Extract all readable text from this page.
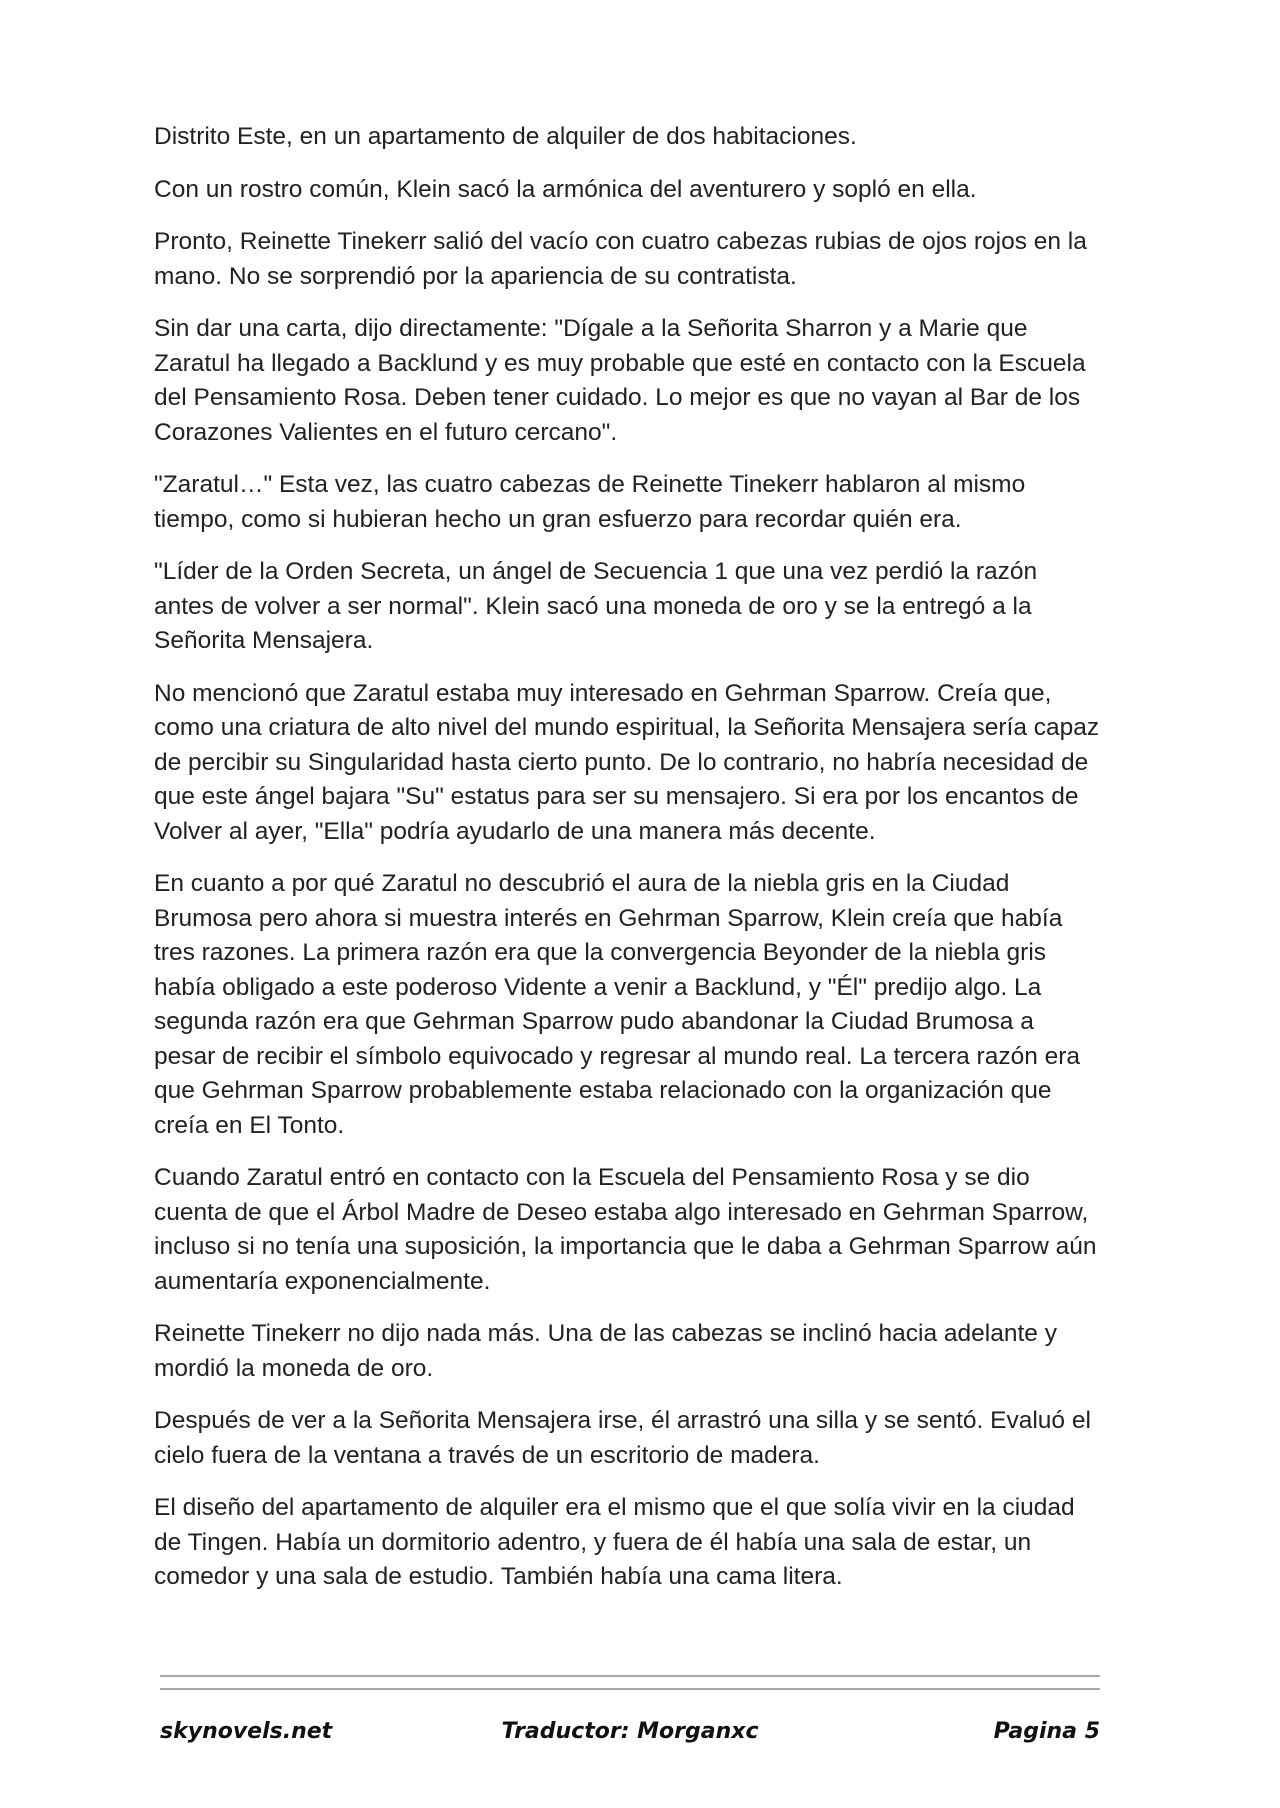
Distrito Este, en un apartamento de alquiler de dos habitaciones.

Con un rostro común, Klein sacó la armónica del aventurero y sopló en ella.

Pronto, Reinette Tinekerr salió del vacío con cuatro cabezas rubias de ojos rojos en la mano. No se sorprendió por la apariencia de su contratista.

Sin dar una carta, dijo directamente: "Dígale a la Señorita Sharron y a Marie que Zaratul ha llegado a Backlund y es muy probable que esté en contacto con la Escuela del Pensamiento Rosa. Deben tener cuidado. Lo mejor es que no vayan al Bar de los Corazones Valientes en el futuro cercano".

"Zaratul…" Esta vez, las cuatro cabezas de Reinette Tinekerr hablaron al mismo tiempo, como si hubieran hecho un gran esfuerzo para recordar quién era.

"Líder de la Orden Secreta, un ángel de Secuencia 1 que una vez perdió la razón antes de volver a ser normal". Klein sacó una moneda de oro y se la entregó a la Señorita Mensajera.

No mencionó que Zaratul estaba muy interesado en Gehrman Sparrow. Creía que, como una criatura de alto nivel del mundo espiritual, la Señorita Mensajera sería capaz de percibir su Singularidad hasta cierto punto. De lo contrario, no habría necesidad de que este ángel bajara "Su" estatus para ser su mensajero. Si era por los encantos de Volver al ayer, "Ella" podría ayudarlo de una manera más decente.

En cuanto a por qué Zaratul no descubrió el aura de la niebla gris en la Ciudad Brumosa pero ahora si muestra interés en Gehrman Sparrow, Klein creía que había tres razones. La primera razón era que la convergencia Beyonder de la niebla gris había obligado a este poderoso Vidente a venir a Backlund, y "Él" predijo algo. La segunda razón era que Gehrman Sparrow pudo abandonar la Ciudad Brumosa a pesar de recibir el símbolo equivocado y regresar al mundo real. La tercera razón era que Gehrman Sparrow probablemente estaba relacionado con la organización que creía en El Tonto.

Cuando Zaratul entró en contacto con la Escuela del Pensamiento Rosa y se dio cuenta de que el Árbol Madre de Deseo estaba algo interesado en Gehrman Sparrow, incluso si no tenía una suposición, la importancia que le daba a Gehrman Sparrow aún aumentaría exponencialmente.

Reinette Tinekerr no dijo nada más. Una de las cabezas se inclinó hacia adelante y mordió la moneda de oro.

Después de ver a la Señorita Mensajera irse, él arrastró una silla y se sentó. Evaluó el cielo fuera de la ventana a través de un escritorio de madera.

El diseño del apartamento de alquiler era el mismo que el que solía vivir en la ciudad de Tingen. Había un dormitorio adentro, y fuera de él había una sala de estar, un comedor y una sala de estudio. También había una cama litera.

skynovels.net	Traductor: Morganxc	Pagina 5
